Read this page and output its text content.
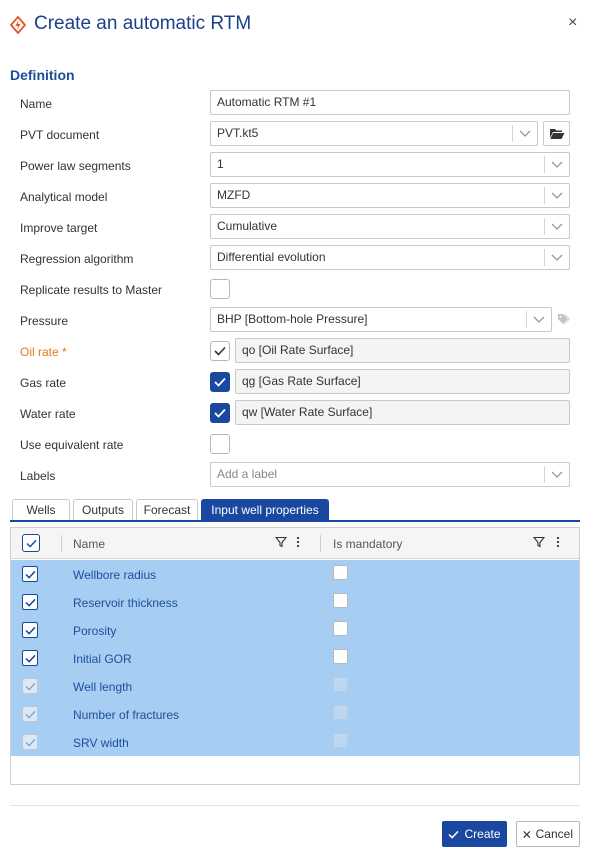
Create an automatic RTM	×
Definition
Name	Automatic RTM #1
PVT document	PVT.kt5
Power law segments	1
Analytical model	MZFD
Improve target	Cumulative
Regression algorithm	Differential evolution
Replicate results to Master
Pressure	BHP [Bottom-hole Pressure]
Oil rate *	qo [Oil Rate Surface]
Gas rate	qg [Gas Rate Surface]
Water rate	qw [Water Rate Surface]
Use equivalent rate
Labels	Add a label
Wells	Outputs	Forecast	Input well properties
Name	Is mandatory
Wellbore radius
Reservoir thickness
Porosity
Initial GOR
Well length
Number of fractures
SRV width
Create	Cancel
